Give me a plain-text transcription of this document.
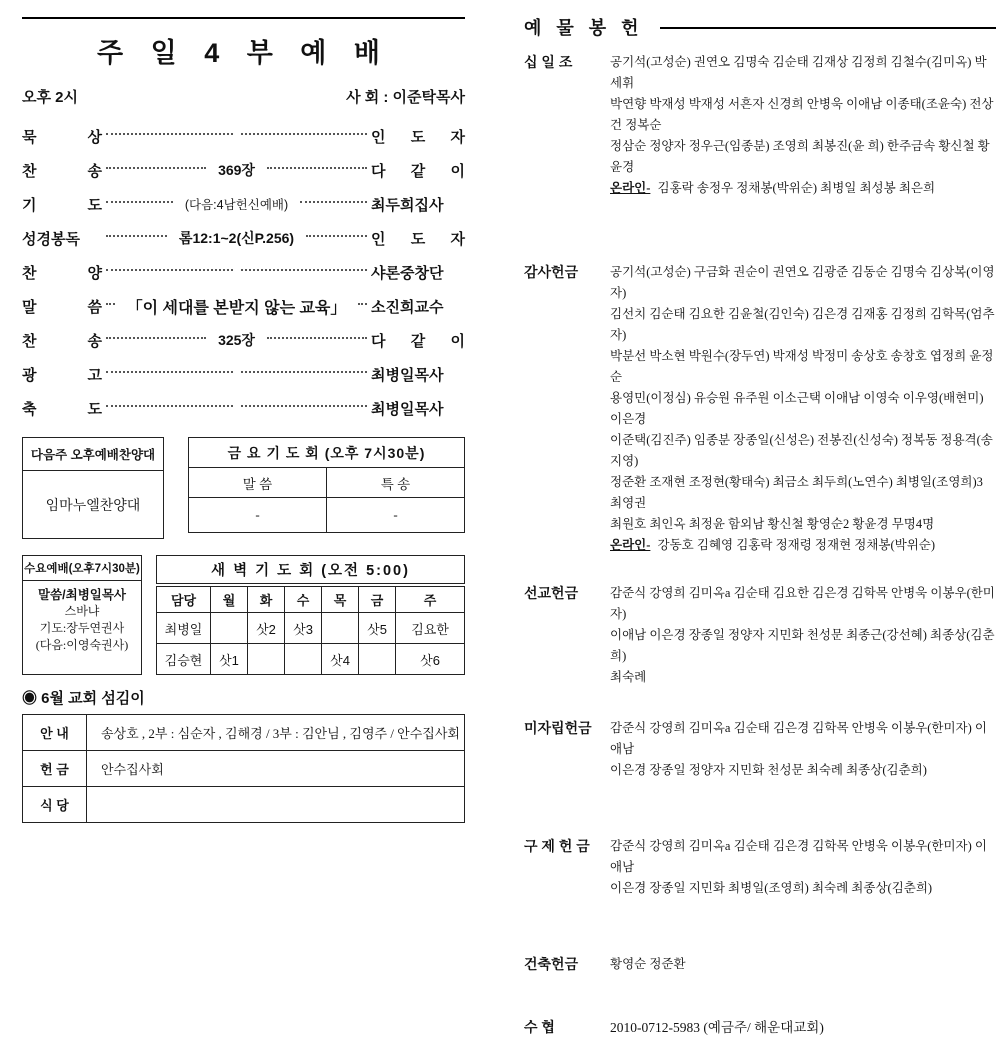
주 일 4 부 예 배
오후 2시	사 회 : 이준탁목사
묵 상	인 도 자
찬 송	369장	다 같 이
기 도	(다음:4남헌신예배)	최두희집사
성경봉독	롬12:1~2(신P.256)	인 도 자
찬 양	샤론중창단
말 씀	「이 세대를 본받지 않는 교육」	소진희교수
찬 송	325장	다 같 이
광 고	최병일목사
축 도	최병일목사
다음주 오후예배찬양대
임마누엘찬양대
금 요 기 도 회 (오후 7시30분)	
말 씀	특 송
-	-
수요예배(오후7시30분)
말씀/최병일목사
스바냐
기도:장두연권사
(다음:이영숙권사)
새 벽 기 도 회 (오전 5:00)
담당	월	화	수	목	금	주
최병일		삿2	삿3		삿5	김요한
김승현	삿1			삿4		삿6
◉ 6월 교회 섬김이
안 내	송상호 , 2부 : 심순자 , 김해경 / 3부 : 김안님 , 김영주 / 안수집사회
헌 금	안수집사회
식 당	
예 물 봉 헌
십 일 조	공기석(고성순) 권연오 김명숙 김순태 김재상 김정희 김철수(김미옥) 박세휘
박연향 박재성 박재성 서흔자 신경희 안병욱 이애남 이종태(조윤숙) 전상건 정복순
정삼순 정양자 정우근(임종분) 조영희 최봉진(윤 희) 한주금속 황신철 황윤경
온라인- 김홍락 송정우 정채봉(박위순) 최병일 최성봉 최은희
감사헌금	공기석(고성순) 구금화 권순이 권연오 김광준 김동순 김명숙 김상복(이영자)
김선치 김순태 김요한 김윤철(김인숙) 김은경 김재홍 김정희 김학목(엄추자)
박분선 박소현 박원수(장두연) 박재성 박정미 송상호 송창호 엽정희 윤정순
용영민(이정심) 유승원 유주원 이소근택 이애남 이영숙 이우영(배현미) 이은경
이준택(김진주) 임종분 장종일(신성은) 전봉진(신성숙) 정복동 정용격(송지영)
정준환 조재현 조정현(황태숙) 최금소 최두희(노연수) 최병일(조영희)3 최영권
최원호 최인옥 최정윤 함외남 황신철 황영순2 황윤경 무명4명
온라인- 강동호 김혜영 김홍락 정재령 정재현 정채봉(박위순)
선교헌금	감준식 강영희 김미옥a 김순태 김요한 김은경 김학목 안병욱 이봉우(한미자)
이애남 이은경 장종일 정양자 지민화 천성문 최종근(강선혜) 최종상(김춘희)
최숙례
미자립헌금	감준식 강영희 김미옥a 김순태 김은경 김학목 안병욱 이봉우(한미자) 이애남
이은경 장종일 정양자 지민화 천성문 최숙례 최종상(김춘희)
구 제 헌 금	감준식 강영희 김미옥a 김순태 김은경 김학목 안병욱 이봉우(한미자) 이애남
이은경 장종일 지민화 최병일(조영희) 최숙례 최종상(김춘희)
건축헌금	황영순 정준환
수 협	2010-0712-5983 (예금주/ 해운대교회)
